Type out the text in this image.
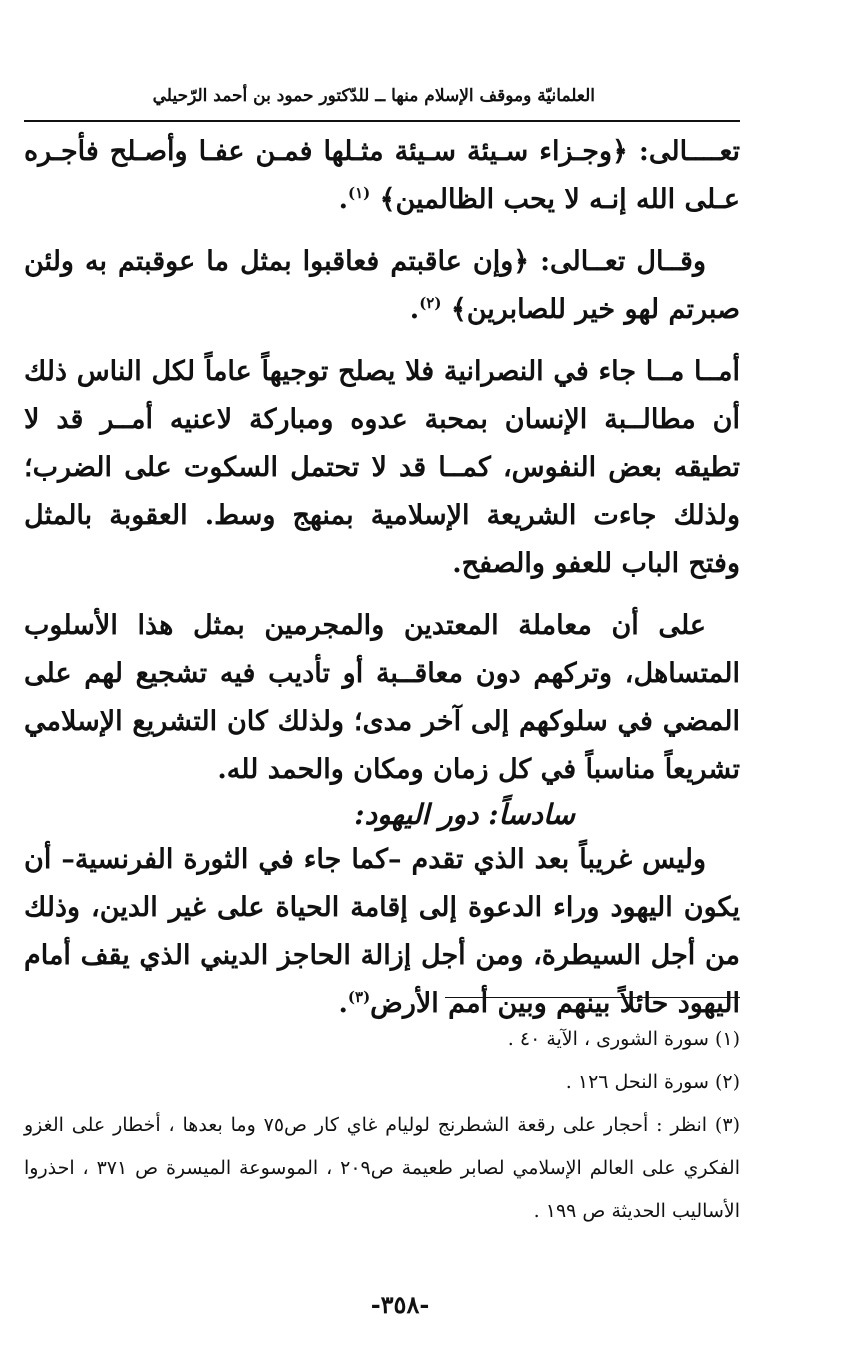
العلمانيّة وموقف الإسلام منها ــ للدّكتور حمود بن أحمد الرّحيلي

تعــــالى: ﴿وجـزاء سـيئة سـيئة مثـلها فمـن عفـا وأصـلح فأجـره عـلى الله إنـه لا يحب الظالمين﴾ $^{(١)}$.

وقــال تعــالى: ﴿وإن عاقبتم فعاقبوا بمثل ما عوقبتم به ولئن صبرتم لهو خير للصابرين﴾ $^{(٢)}$.

أمــا مــا جاء في النصرانية فلا يصلح توجيهاً عاماً لكل الناس ذلك أن مطالــبة الإنسان بمحبة عدوه ومباركة لاعنيه أمــر قد لا تطيقه بعض النفوس، كمــا قد لا تحتمل السكوت على الضرب؛ ولذلك جاءت الشريعة الإسلامية بمنهج وسط. العقوبة بالمثل وفتح الباب للعفو والصفح.

على أن معاملة المعتدين والمجرمين بمثل هذا الأسلوب المتساهل، وتركهم دون معاقــبة أو تأديب فيه تشجيع لهم على المضي في سلوكهم إلى آخر مدى؛ ولذلك كان التشريع الإسلامي تشريعاً مناسباً في كل زمان ومكان والحمد لله.

سادساً: دور اليهود:

وليس غريباً بعد الذي تقدم –كما جاء في الثورة الفرنسية– أن يكون اليهود وراء الدعوة إلى إقامة الحياة على غير الدين، وذلك من أجل السيطرة، ومن أجل إزالة الحاجز الديني الذي يقف أمام اليهود حائلاً بينهم وبين أمم الأرض$^{(٣)}$.

(١) سورة الشورى ، الآية ٤٠ .

(٢) سورة النحل ١٢٦ .

(٣) انظر : أحجار على رقعة الشطرنج لوليام غاي كار ص٧٥ وما بعدها ، أخطار على الغزو الفكري على العالم الإسلامي لصابر طعيمة ص٢٠٩ ، الموسوعة الميسرة ص ٣٧١ ، احذروا الأساليب الحديثة ص ١٩٩ .

-٣٥٨-
